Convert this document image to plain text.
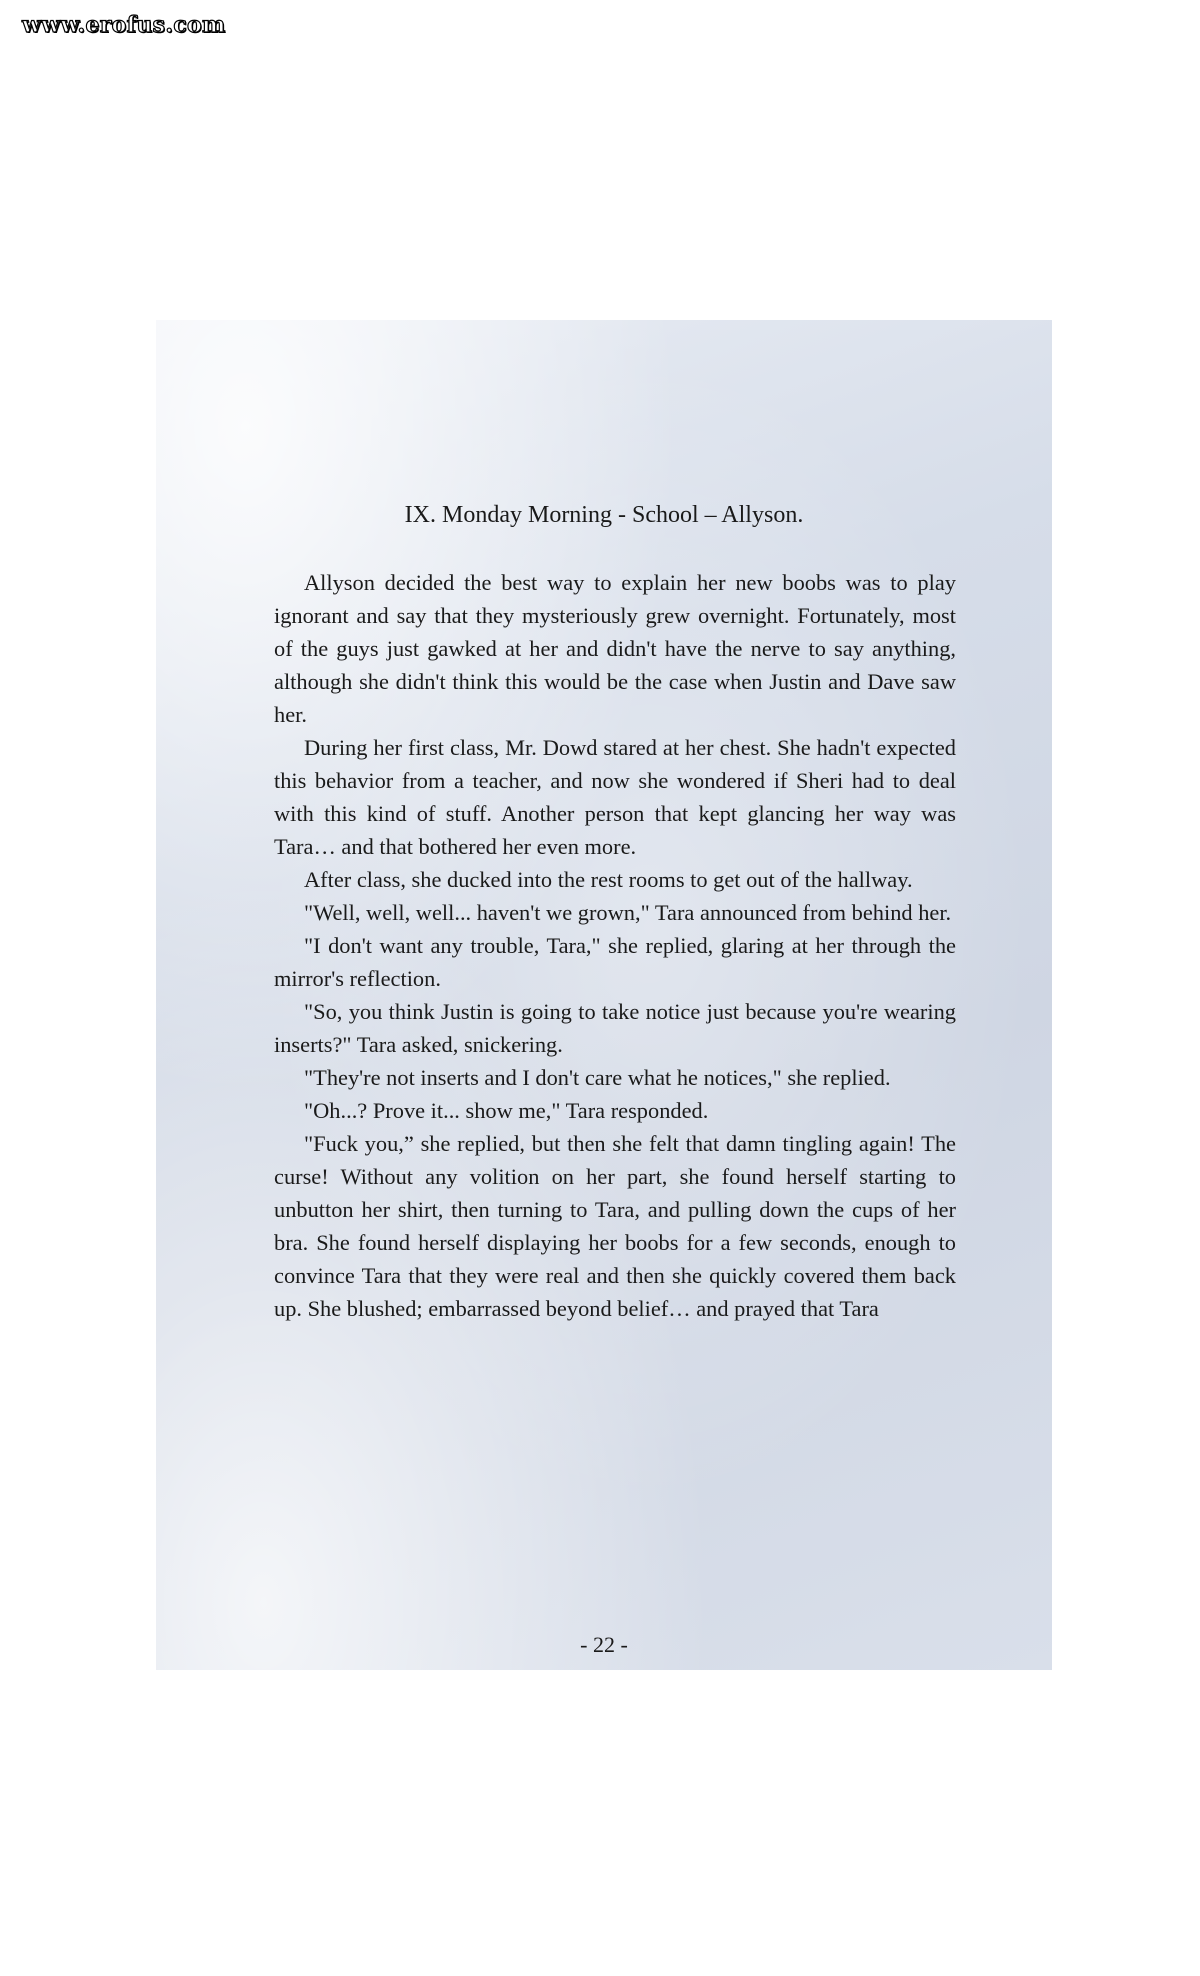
www.erofus.com
IX. Monday Morning - School – Allyson.

Allyson decided the best way to explain her new boobs was to play ignorant and say that they mysteriously grew overnight. Fortunately, most of the guys just gawked at her and didn't have the nerve to say anything, although she didn't think this would be the case when Justin and Dave saw her.

During her first class, Mr. Dowd stared at her chest. She hadn't expected this behavior from a teacher, and now she wondered if Sheri had to deal with this kind of stuff. Another person that kept glancing her way was Tara… and that bothered her even more.

After class, she ducked into the rest rooms to get out of the hallway.

"Well, well, well... haven't we grown," Tara announced from behind her.

"I don't want any trouble, Tara," she replied, glaring at her through the mirror's reflection.

"So, you think Justin is going to take notice just because you're wearing inserts?" Tara asked, snickering.

"They're not inserts and I don't care what he notices," she replied.

"Oh...? Prove it... show me," Tara responded.

"Fuck you,” she replied, but then she felt that damn tingling again! The curse! Without any volition on her part, she found herself starting to unbutton her shirt, then turning to Tara, and pulling down the cups of her bra. She found herself displaying her boobs for a few seconds, enough to convince Tara that they were real and then she quickly covered them back up. She blushed; embarrassed beyond belief… and prayed that Tara

- 22 -
